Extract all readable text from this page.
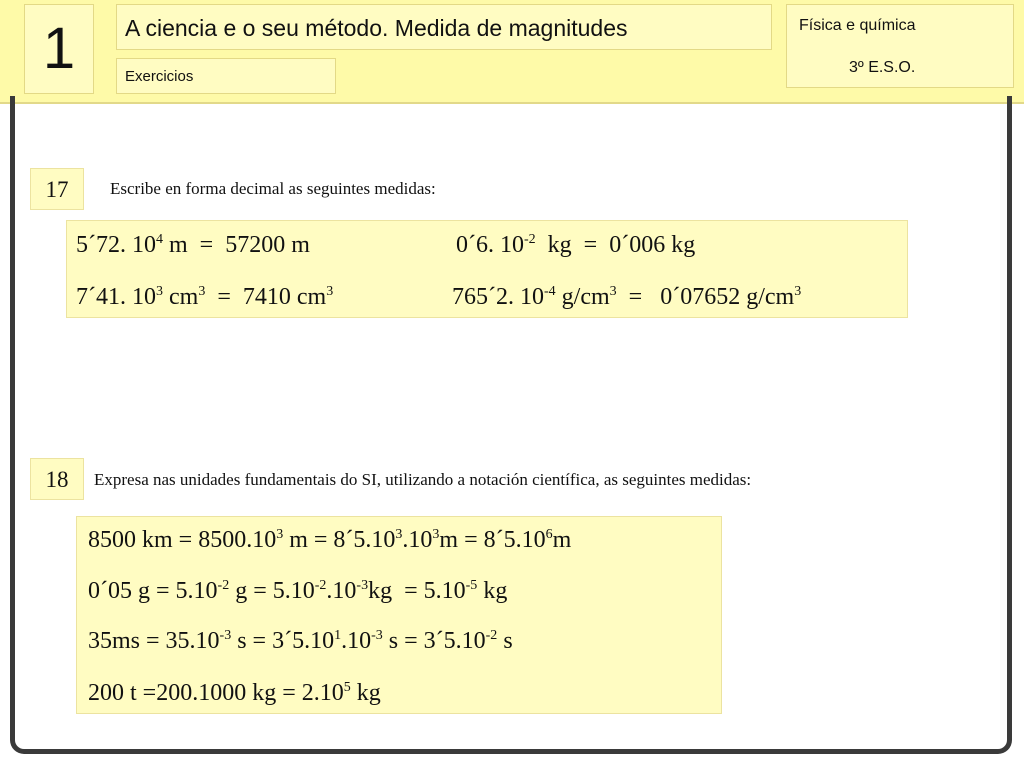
1	A ciencia e o seu método. Medida de magnitudes
Exercicios
Física e química
3º E.S.O.
17	Escribe en forma decimal as seguintes medidas:
5´72. $10^4$ m  =  57200 m	0´6. $10^{-2}$  kg  =  0´006 kg
7´41. $10^3$ $cm^3 = 7410$ $cm^3$	765´2. $10^{-4}$ $g/cm^3$  =   0´07652 $g/cm^3$
18	Expresa nas unidades fundamentais do SI, utilizando a notación científica, as seguintes medidas:
8500 km = $8500.10^3$ $m = 8´5.10^3.10^3m$ = $8´5.10^6m$
0´05 $g = 5.10^{-2}$ $g = 5.10^{-2}.10^{-3}kg = 5.10^{-5}$ kg
$35ms = 35.10^{-3}$ $s = 3´5.10^1.10^{-3}$ $s = 3´5.10^{-2}$ s
200 t =200.1000 kg = $2.10^5$ kg
